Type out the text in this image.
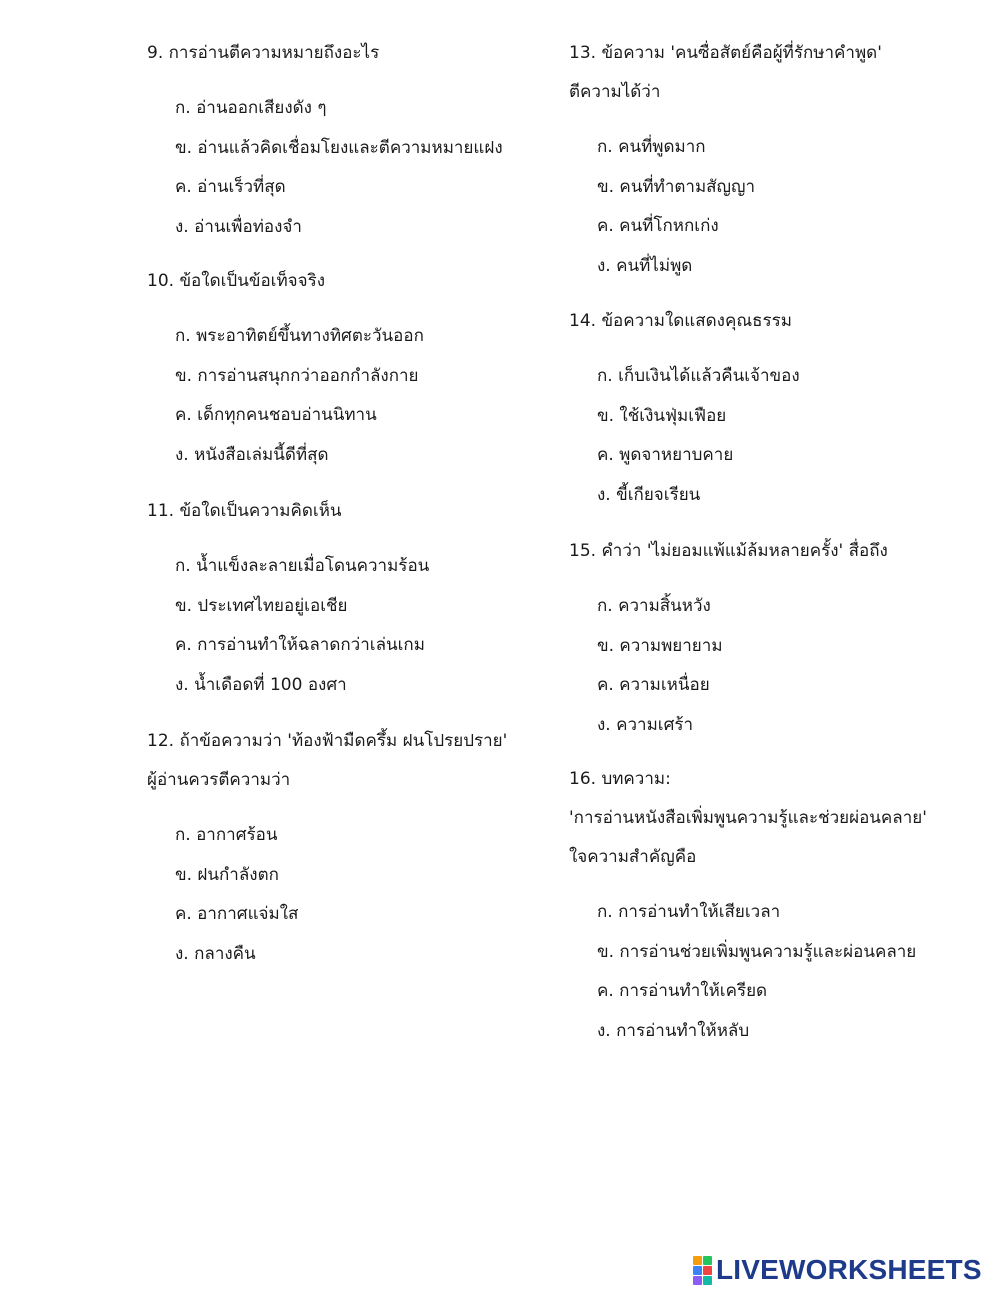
9. การอ่านตีความหมายถึงอะไร
ก. อ่านออกเสียงดัง ๆ
ข. อ่านแล้วคิดเชื่อมโยงและตีความหมายแฝง
ค. อ่านเร็วที่สุด
ง. อ่านเพื่อท่องจำ
10. ข้อใดเป็นข้อเท็จจริง
ก. พระอาทิตย์ขึ้นทางทิศตะวันออก
ข. การอ่านสนุกกว่าออกกำลังกาย
ค. เด็กทุกคนชอบอ่านนิทาน
ง. หนังสือเล่มนี้ดีที่สุด
11. ข้อใดเป็นความคิดเห็น
ก. น้ำแข็งละลายเมื่อโดนความร้อน
ข. ประเทศไทยอยู่เอเชีย
ค. การอ่านทำให้ฉลาดกว่าเล่นเกม
ง. น้ำเดือดที่ 100 องศา
12. ถ้าข้อความว่า 'ท้องฟ้ามืดครึ้ม ฝนโปรยปราย'
ผู้อ่านควรตีความว่า
ก. อากาศร้อน
ข. ฝนกำลังตก
ค. อากาศแจ่มใส
ง. กลางคืน
13. ข้อความ 'คนซื่อสัตย์คือผู้ที่รักษาคำพูด'
ตีความได้ว่า
ก. คนที่พูดมาก
ข. คนที่ทำตามสัญญา
ค. คนที่โกหกเก่ง
ง. คนที่ไม่พูด
14. ข้อความใดแสดงคุณธรรม
ก. เก็บเงินได้แล้วคืนเจ้าของ
ข. ใช้เงินฟุ่มเฟือย
ค. พูดจาหยาบคาย
ง. ขี้เกียจเรียน
15. คำว่า 'ไม่ยอมแพ้แม้ล้มหลายครั้ง' สื่อถึง
ก. ความสิ้นหวัง
ข. ความพยายาม
ค. ความเหนื่อย
ง. ความเศร้า
16. บทความ:
'การอ่านหนังสือเพิ่มพูนความรู้และช่วยผ่อนคลาย'
ใจความสำคัญคือ
ก. การอ่านทำให้เสียเวลา
ข. การอ่านช่วยเพิ่มพูนความรู้และผ่อนคลาย
ค. การอ่านทำให้เครียด
ง. การอ่านทำให้หลับ
LIVEWORKSHEETS
